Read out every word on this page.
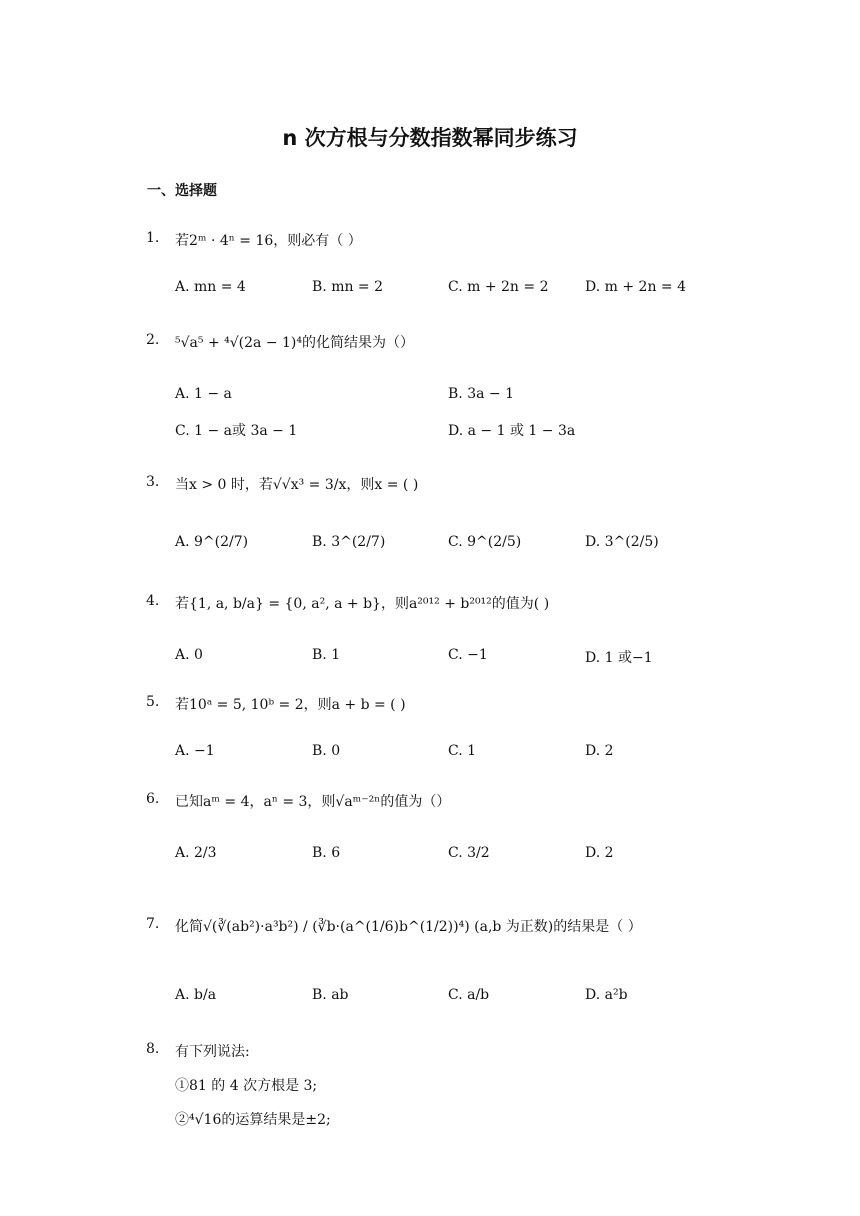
n 次方根与分数指数幂同步练习
一、选择题
1.	若2ᵐ · 4ⁿ = 16，则必有（ ）
A. mn = 4	B. mn = 2	C. m + 2n = 2	D. m + 2n = 4
2.	⁵√a⁵ + ⁴√(2a − 1)⁴的化简结果为（）
A. 1 − a	B. 3a − 1
C. 1 − a或 3a − 1	D. a − 1 或 1 − 3a
3.	当x > 0 时，若√√x³ = 3/x，则x = ( )
A. 9^(2/7)	B. 3^(2/7)	C. 9^(2/5)	D. 3^(2/5)
4.	若{1, a, b/a} = {0, a², a + b}，则a²⁰¹² + b²⁰¹²的值为( )
A. 0	B. 1	C. −1	D. 1 或−1
5.	若10ᵃ = 5, 10ᵇ = 2，则a + b = ( )
A. −1	B. 0	C. 1	D. 2
6.	已知aᵐ = 4，aⁿ = 3，则√aᵐ⁻²ⁿ的值为（）
A. 2/3	B. 6	C. 3/2	D. 2
7.	化简√(∛(ab²)·a³b²) / (∛b·(a^(1/6)b^(1/2))⁴) (a,b 为正数)的结果是（ ）
A. b/a	B. ab	C. a/b	D. a²b
8.	有下列说法:
①81 的 4 次方根是 3;
②⁴√16的运算结果是±2;
